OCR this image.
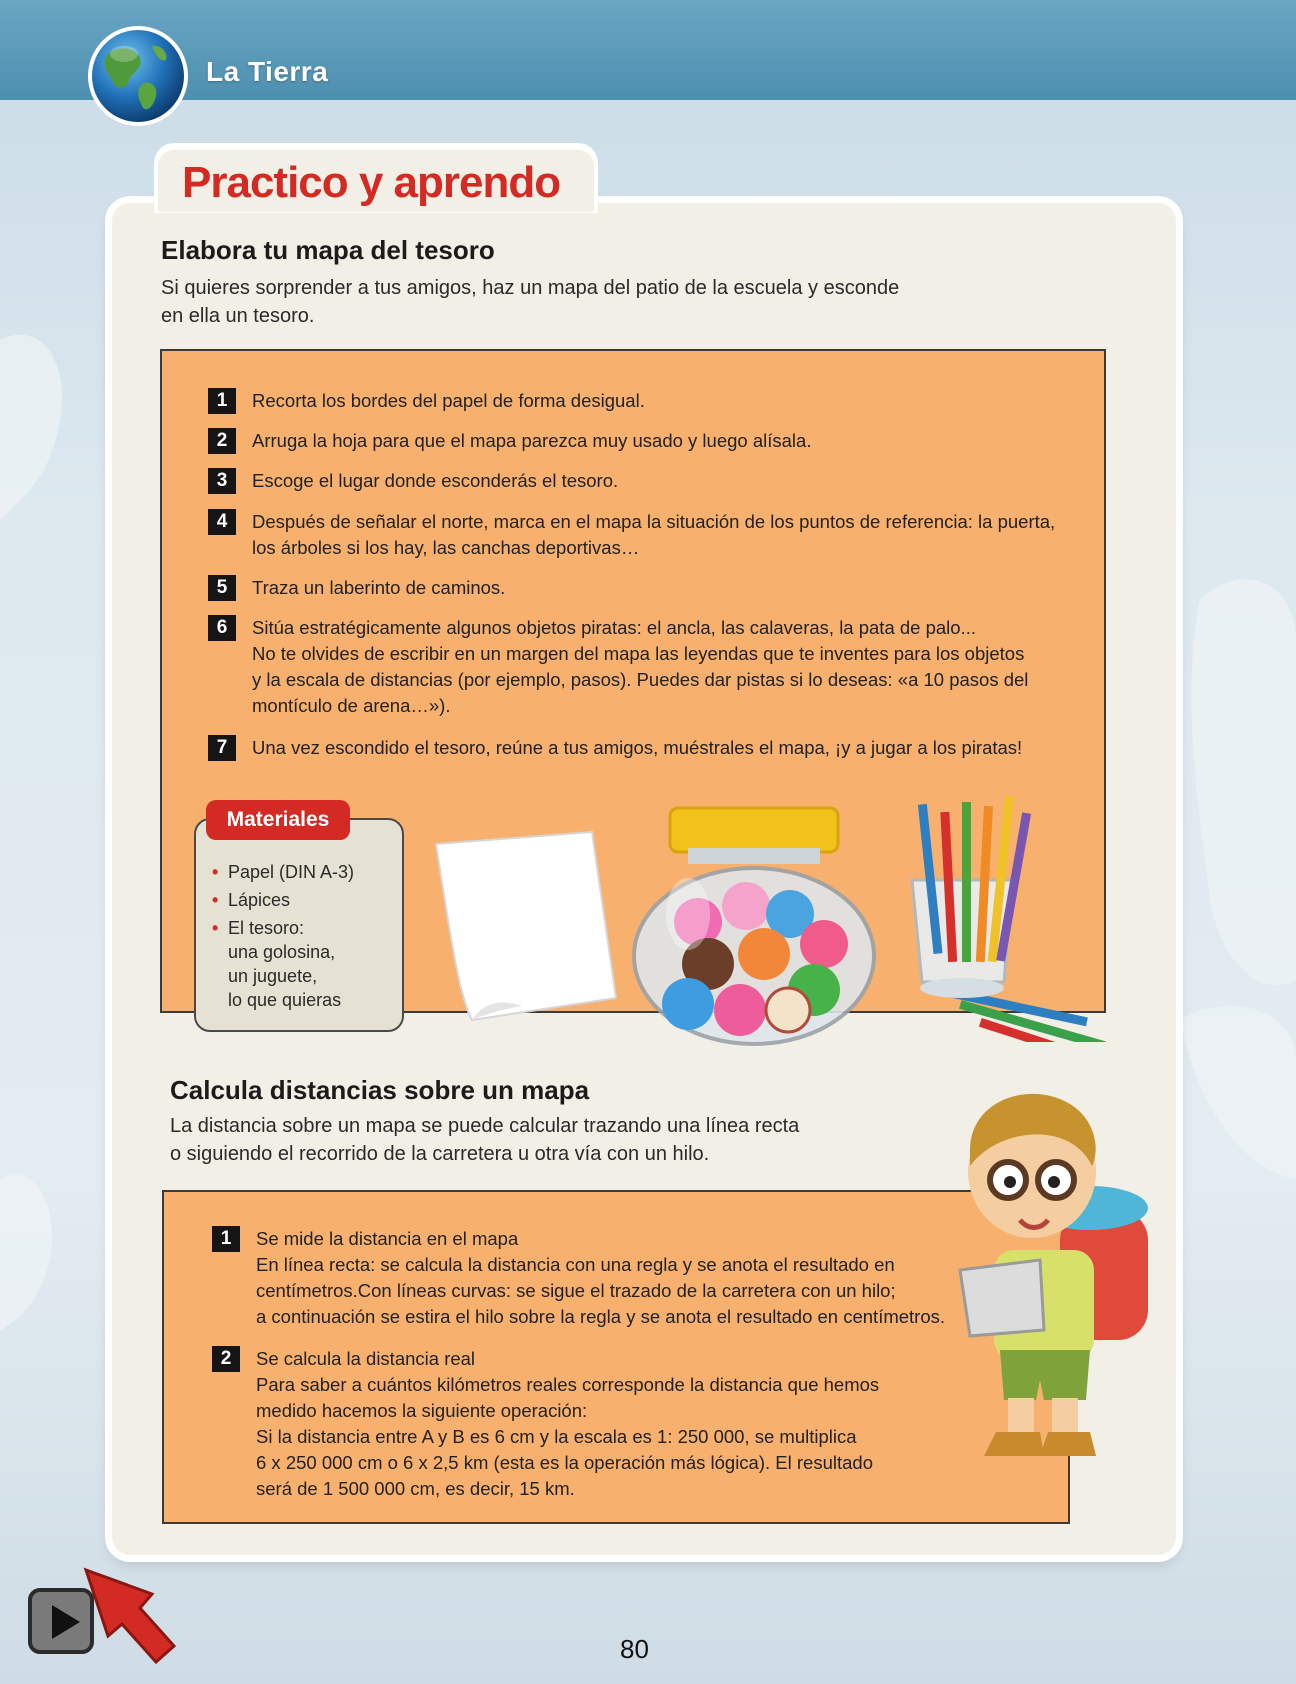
La Tierra
Practico y aprendo
Elabora tu mapa del tesoro
Si quieres sorprender a tus amigos, haz un mapa del patio de la escuela y esconde
en ella un tesoro.
1	Recorta los bordes del papel de forma desigual.
2	Arruga la hoja para que el mapa parezca muy usado y luego alísala.
3	Escoge el lugar donde esconderás el tesoro.
4	Después de señalar el norte, marca en el mapa la situación de los puntos de referencia: la puerta,
los árboles si los hay, las canchas deportivas…
5	Traza un laberinto de caminos.
6	Sitúa estratégicamente algunos objetos piratas: el ancla, las calaveras, la pata de palo...
No te olvides de escribir en un margen del mapa las leyendas que te inventes para los objetos
y la escala de distancias (por ejemplo, pasos). Puedes dar pistas si lo deseas: «a 10 pasos del
montículo de arena…»).
7	Una vez escondido el tesoro, reúne a tus amigos, muéstrales el mapa, ¡y a jugar a los piratas!
Materiales
• Papel (DIN A-3)
• Lápices
• El tesoro:
una golosina,
un juguete,
lo que quieras
Calcula distancias sobre un mapa
La distancia sobre un mapa se puede calcular trazando una línea recta
o siguiendo el recorrido de la carretera u otra vía con un hilo.
1	Se mide la distancia en el mapa
En línea recta: se calcula la distancia con una regla y se anota el resultado en
centímetros.Con líneas curvas: se sigue el trazado de la carretera con un hilo;
a continuación se estira el hilo sobre la regla y se anota el resultado en centímetros.
2	Se calcula la distancia real
Para saber a cuántos kilómetros reales corresponde la distancia que hemos
medido hacemos la siguiente operación:
Si la distancia entre A y B es 6 cm y la escala es 1: 250 000, se multiplica
6 x 250 000 cm o 6 x 2,5 km (esta es la operación más lógica). El resultado
será de 1 500 000 cm, es decir, 15 km.
80
